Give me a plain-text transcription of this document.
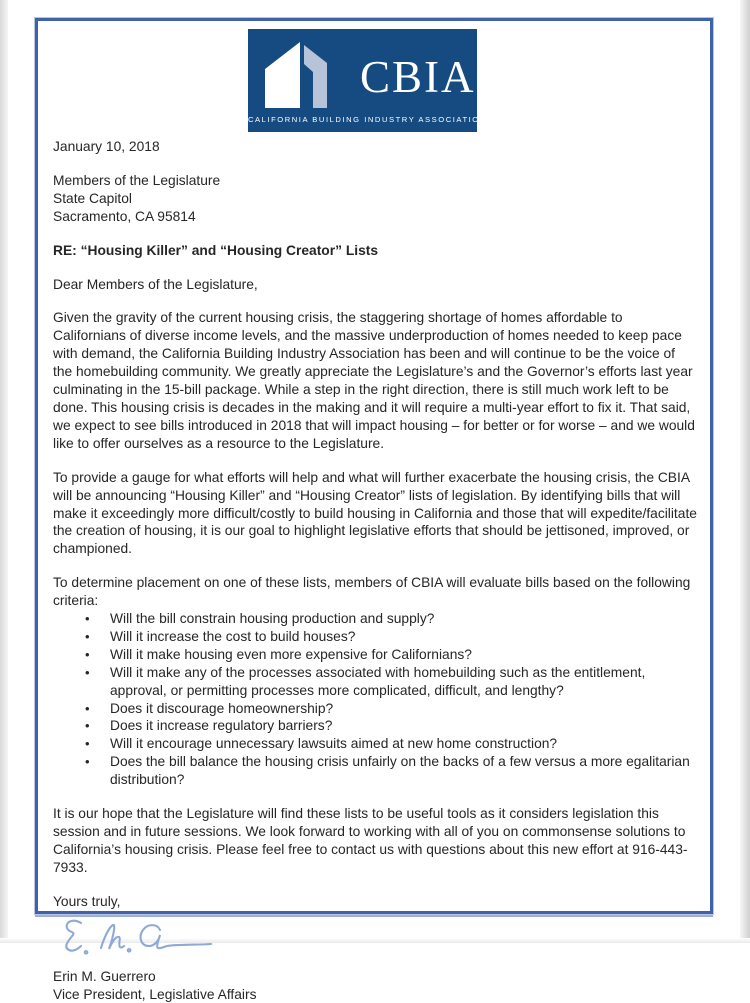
CBIA
CALIFORNIA BUILDING INDUSTRY ASSOCIATION

January 10, 2018

Members of the Legislature

State Capitol

Sacramento, CA 95814

RE: “Housing Killer” and “Housing Creator” Lists

Dear Members of the Legislature,

Given the gravity of the current housing crisis, the staggering shortage of homes affordable to Californians of diverse income levels, and the massive underproduction of homes needed to keep pace with demand, the California Building Industry Association has been and will continue to be the voice of the homebuilding community. We greatly appreciate the Legislature’s and the Governor’s efforts last year culminating in the 15-bill package. While a step in the right direction, there is still much work left to be done. This housing crisis is decades in the making and it will require a multi-year effort to fix it. That said, we expect to see bills introduced in 2018 that will impact housing – for better or for worse – and we would like to offer ourselves as a resource to the Legislature.

To provide a gauge for what efforts will help and what will further exacerbate the housing crisis, the CBIA will be announcing “Housing Killer” and “Housing Creator” lists of legislation. By identifying bills that will make it exceedingly more difficult/costly to build housing in California and those that will expedite/facilitate the creation of housing, it is our goal to highlight legislative efforts that should be jettisoned, improved, or championed.

To determine placement on one of these lists, members of CBIA will evaluate bills based on the following criteria:

• Will the bill constrain housing production and supply?
• Will it increase the cost to build houses?
• Will it make housing even more expensive for Californians?
• Will it make any of the processes associated with homebuilding such as the entitlement, approval, or permitting processes more complicated, difficult, and lengthy?
• Does it discourage homeownership?
• Does it increase regulatory barriers?
• Will it encourage unnecessary lawsuits aimed at new home construction?
• Does the bill balance the housing crisis unfairly on the backs of a few versus a more egalitarian distribution?

It is our hope that the Legislature will find these lists to be useful tools as it considers legislation this session and in future sessions. We look forward to working with all of you on commonsense solutions to California’s housing crisis. Please feel free to contact us with questions about this new effort at 916-443-7933.

Yours truly,

Erin M. Guerrero

Vice President, Legislative Affairs
